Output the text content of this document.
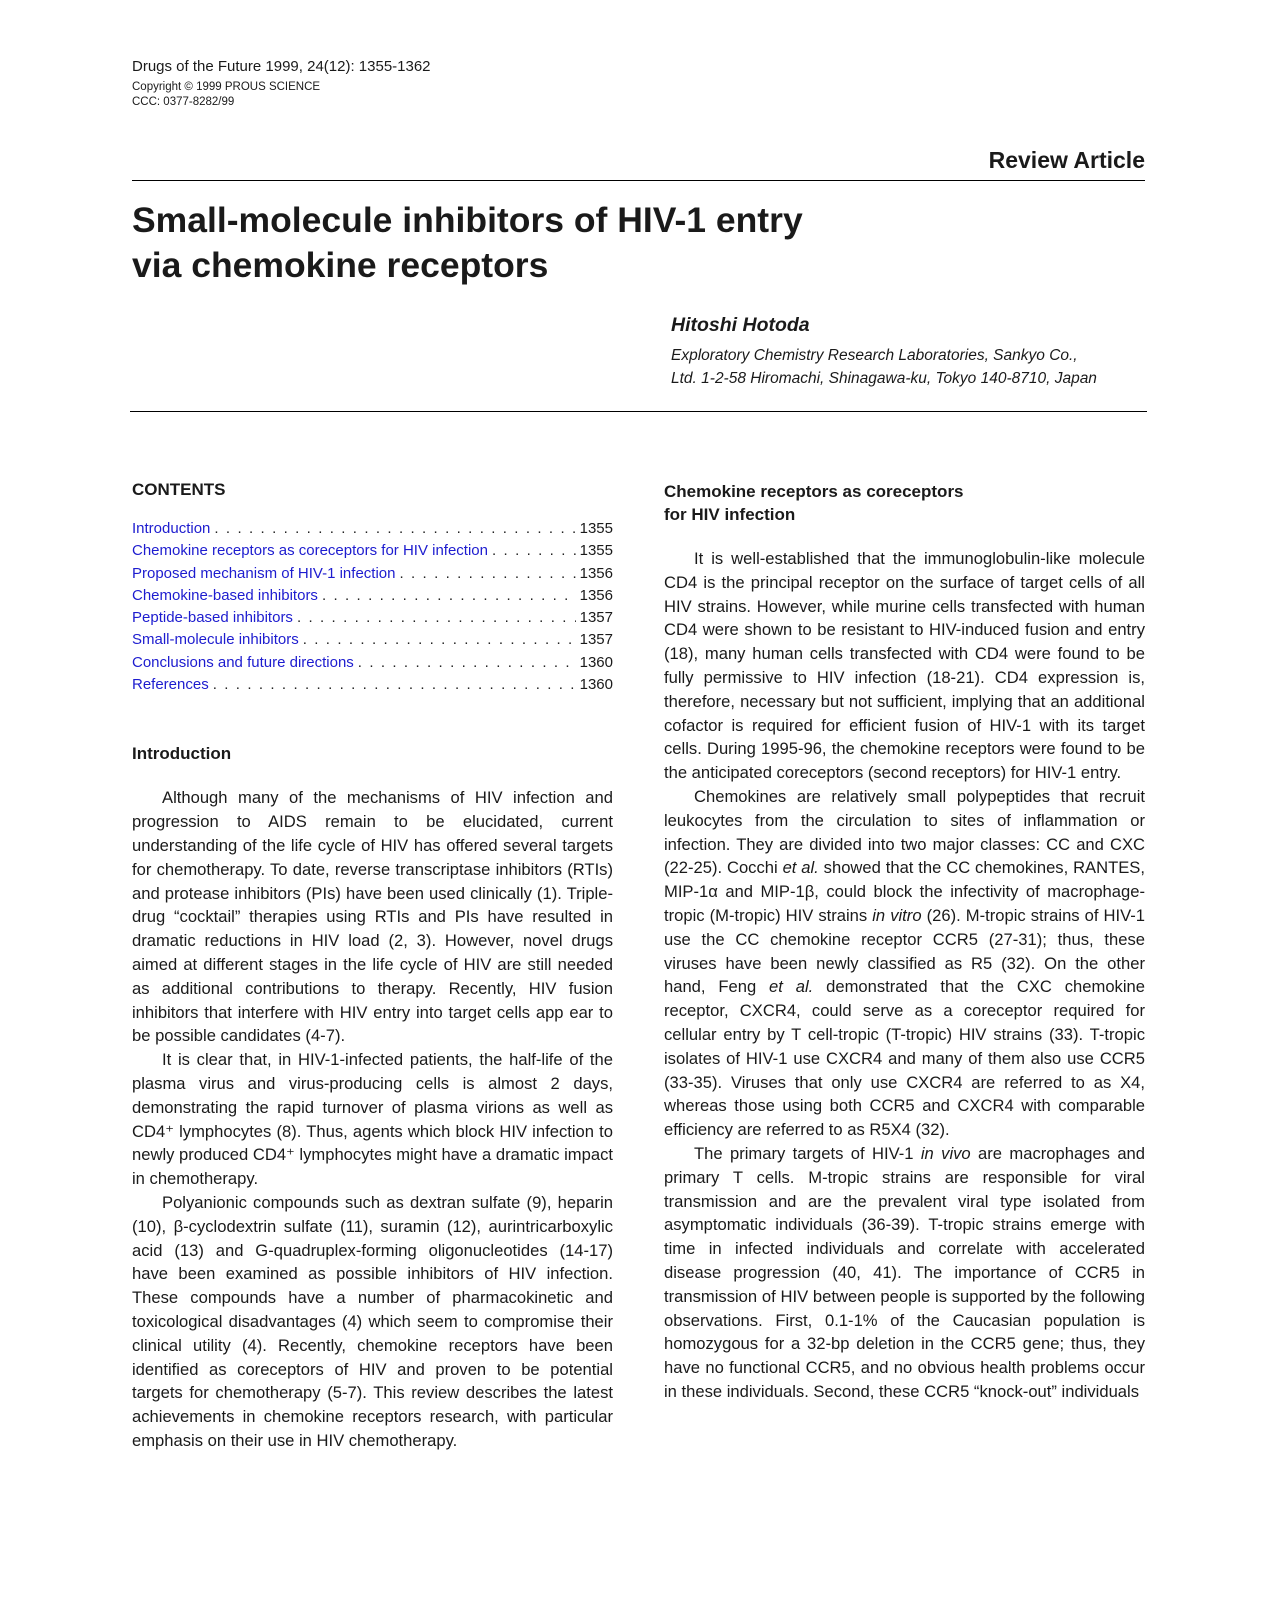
Drugs of the Future 1999, 24(12): 1355-1362
Copyright © 1999 PROUS SCIENCE
CCC: 0377-8282/99
Review Article
Small-molecule inhibitors of HIV-1 entry
via chemokine receptors
Hitoshi Hotoda
Exploratory Chemistry Research Laboratories, Sankyo Co.,
Ltd. 1-2-58 Hiromachi, Shinagawa-ku, Tokyo 140-8710, Japan
CONTENTS
Introduction . . .	1355
Chemokine receptors as coreceptors for HIV infection . . .	1355
Proposed mechanism of HIV-1 infection . . .	1356
Chemokine-based inhibitors . . .	1356
Peptide-based inhibitors . . .	1357
Small-molecule inhibitors . . .	1357
Conclusions and future directions . . .	1360
References . . .	1360
Introduction

Although many of the mechanisms of HIV infection and progression to AIDS remain to be elucidated, current understanding of the life cycle of HIV has offered several targets for chemotherapy. To date, reverse transcriptase inhibitors (RTIs) and protease inhibitors (PIs) have been used clinically (1). Triple-drug “cocktail” therapies using RTIs and PIs have resulted in dramatic reductions in HIV load (2, 3). However, novel drugs aimed at different stages in the life cycle of HIV are still needed as additional contributions to therapy. Recently, HIV fusion inhibitors that interfere with HIV entry into target cells app ear to be possible candidates (4-7).

It is clear that, in HIV-1-infected patients, the half-life of the plasma virus and virus-producing cells is almost 2 days, demonstrating the rapid turnover of plasma virions as well as CD4⁺ lymphocytes (8). Thus, agents which block HIV infection to newly produced CD4⁺ lymphocytes might have a dramatic impact in chemotherapy.

Polyanionic compounds such as dextran sulfate (9), heparin (10), β-cyclodextrin sulfate (11), suramin (12), aurintricarboxylic acid (13) and G-quadruplex-forming oligonucleotides (14-17) have been examined as possible inhibitors of HIV infection. These compounds have a number of pharmacokinetic and toxicological disadvantages (4) which seem to compromise their clinical utility (4). Recently, chemokine receptors have been identified as coreceptors of HIV and proven to be potential targets for chemotherapy (5-7). This review describes the latest achievements in chemokine receptors research, with particular emphasis on their use in HIV chemotherapy.

Chemokine receptors as coreceptors
for HIV infection

It is well-established that the immunoglobulin-like molecule CD4 is the principal receptor on the surface of target cells of all HIV strains. However, while murine cells transfected with human CD4 were shown to be resistant to HIV-induced fusion and entry (18), many human cells transfected with CD4 were found to be fully permissive to HIV infection (18-21). CD4 expression is, therefore, necessary but not sufficient, implying that an additional cofactor is required for efficient fusion of HIV-1 with its target cells. During 1995-96, the chemokine receptors were found to be the anticipated coreceptors (second receptors) for HIV-1 entry.

Chemokines are relatively small polypeptides that recruit leukocytes from the circulation to sites of inflammation or infection. They are divided into two major classes: CC and CXC (22-25). Cocchi et al. showed that the CC chemokines, RANTES, MIP-1α and MIP-1β, could block the infectivity of macrophage-tropic (M-tropic) HIV strains in vitro (26). M-tropic strains of HIV-1 use the CC chemokine receptor CCR5 (27-31); thus, these viruses have been newly classified as R5 (32). On the other hand, Feng et al. demonstrated that the CXC chemokine receptor, CXCR4, could serve as a coreceptor required for cellular entry by T cell-tropic (T-tropic) HIV strains (33). T-tropic isolates of HIV-1 use CXCR4 and many of them also use CCR5 (33-35). Viruses that only use CXCR4 are referred to as X4, whereas those using both CCR5 and CXCR4 with comparable efficiency are referred to as R5X4 (32).

The primary targets of HIV-1 in vivo are macrophages and primary T cells. M-tropic strains are responsible for viral transmission and are the prevalent viral type isolated from asymptomatic individuals (36-39). T-tropic strains emerge with time in infected individuals and correlate with accelerated disease progression (40, 41). The importance of CCR5 in transmission of HIV between people is supported by the following observations. First, 0.1-1% of the Caucasian population is homozygous for a 32-bp deletion in the CCR5 gene; thus, they have no functional CCR5, and no obvious health problems occur in these individuals. Second, these CCR5 “knock-out” individuals
